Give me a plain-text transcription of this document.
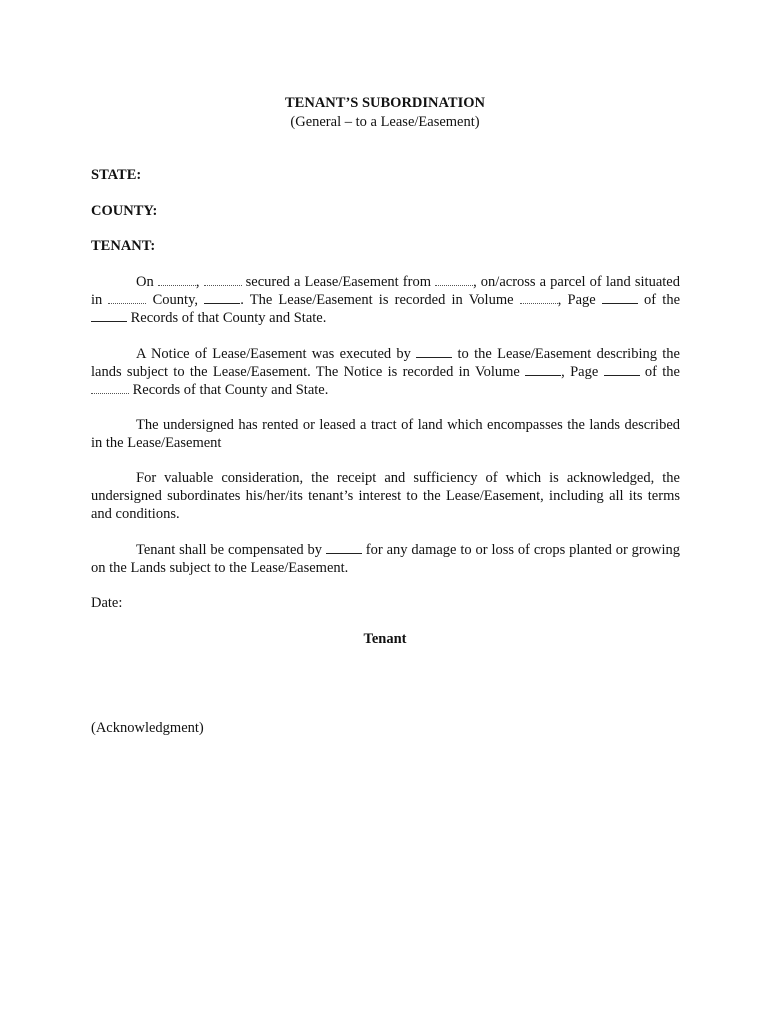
TENANT’S SUBORDINATION
(General – to a Lease/Easement)
STATE:
COUNTY:
TENANT:

On	,	secured a Lease/Easement from	, on/across a parcel of land situated in	County, . The Lease/Easement is recorded in Volume	, Page  of the  Records of that County and State.

A Notice of Lease/Easement was executed by  to the Lease/Easement describing the lands subject to the Lease/Easement. The Notice is recorded in Volume , Page  of the  Records of that County and State.

The undersigned has rented or leased a tract of land which encompasses the lands described in the Lease/Easement

For valuable consideration, the receipt and sufficiency of which is acknowledged, the undersigned subordinates his/her/its tenant’s interest to the Lease/Easement, including all its terms and conditions.

Tenant shall be compensated by  for any damage to or loss of crops planted or growing on the Lands subject to the Lease/Easement.

Date:
Tenant
(Acknowledgment)
